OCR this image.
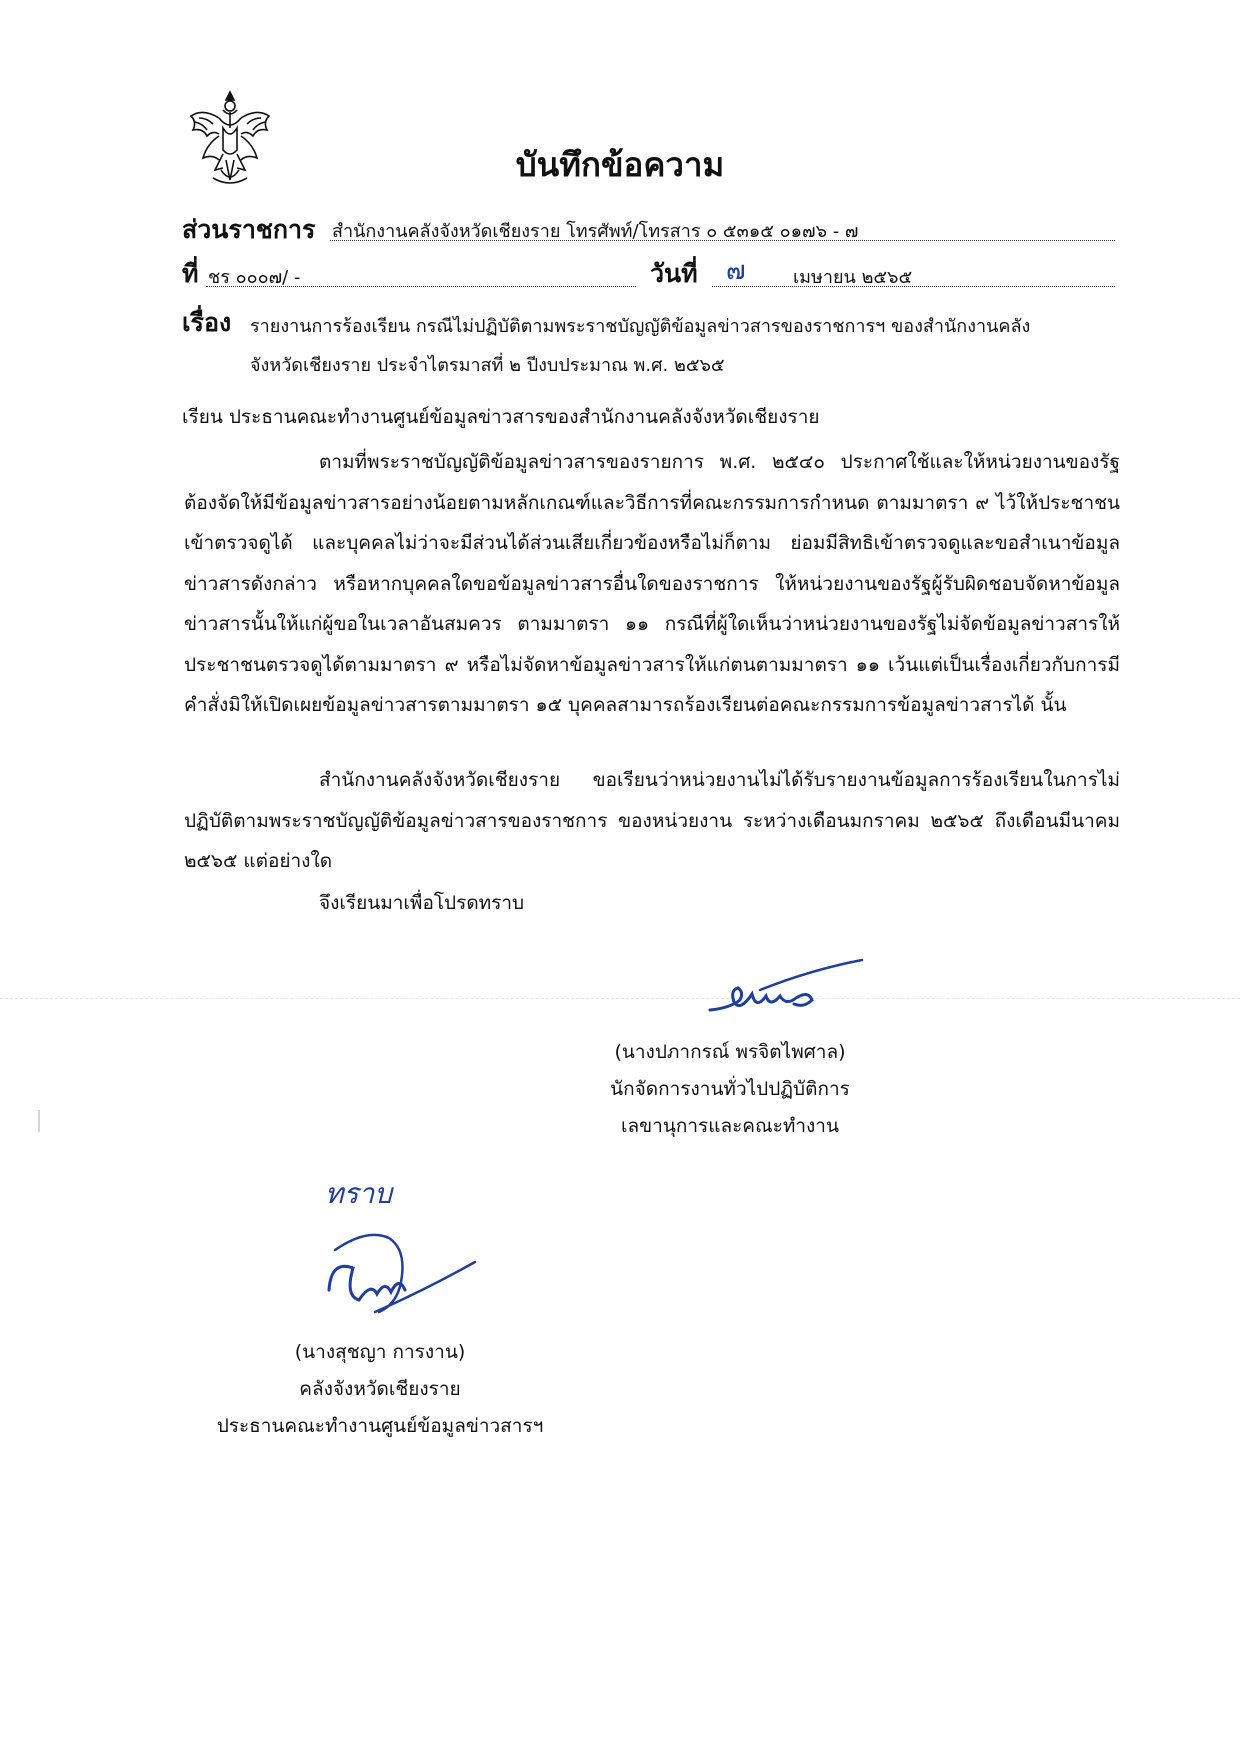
บันทึกข้อความ
ส่วนราชการ สำนักงานคลังจังหวัดเชียงราย โทรศัพท์/โทรสาร ๐ ๕๓๑๕ ๐๑๗๖ - ๗
ที่ ชร ๐๐๐๗/ -	วันที่ ๗	เมษายน ๒๕๖๕
เรื่อง รายงานการร้องเรียน กรณีไม่ปฏิบัติตามพระราชบัญญัติข้อมูลข่าวสารของราชการฯ ของสำนักงานคลัง
จังหวัดเชียงราย ประจำไตรมาสที่ ๒ ปีงบประมาณ พ.ศ. ๒๕๖๕
เรียน ประธานคณะทำงานศูนย์ข้อมูลข่าวสารของสำนักงานคลังจังหวัดเชียงราย
ตามที่พระราชบัญญัติข้อมูลข่าวสารของรายการ พ.ศ. ๒๕๔๐ ประกาศใช้และให้หน่วยงานของรัฐต้องจัดให้มีข้อมูลข่าวสารอย่างน้อยตามหลักเกณฑ์และวิธีการที่คณะกรรมการกำหนด ตามมาตรา ๙ ไว้ให้ประชาชนเข้าตรวจดูได้ และบุคคลไม่ว่าจะมีส่วนได้ส่วนเสียเกี่ยวข้องหรือไม่ก็ตาม ย่อมมีสิทธิเข้าตรวจดูและขอสำเนาข้อมูลข่าวสารดังกล่าว หรือหากบุคคลใดขอข้อมูลข่าวสารอื่นใดของราชการ ให้หน่วยงานของรัฐผู้รับผิดชอบจัดหาข้อมูลข่าวสารนั้นให้แก่ผู้ขอในเวลาอันสมควร ตามมาตรา ๑๑ กรณีที่ผู้ใดเห็นว่าหน่วยงานของรัฐไม่จัดข้อมูลข่าวสารให้ประชาชนตรวจดูได้ตามมาตรา ๙ หรือไม่จัดหาข้อมูลข่าวสารให้แก่ตนตามมาตรา ๑๑ เว้นแต่เป็นเรื่องเกี่ยวกับการมีคำสั่งมิให้เปิดเผยข้อมูลข่าวสารตามมาตรา ๑๕ บุคคลสามารถร้องเรียนต่อคณะกรรมการข้อมูลข่าวสารได้ นั้น
สำนักงานคลังจังหวัดเชียงราย ขอเรียนว่าหน่วยงานไม่ได้รับรายงานข้อมูลการร้องเรียนในการไม่ปฏิบัติตามพระราชบัญญัติข้อมูลข่าวสารของราชการ ของหน่วยงาน ระหว่างเดือนมกราคม ๒๕๖๕ ถึงเดือนมีนาคม ๒๕๖๕ แต่อย่างใด
จึงเรียนมาเพื่อโปรดทราบ
(นางปภากรณ์ พรจิตไพศาล)
นักจัดการงานทั่วไปปฏิบัติการ
เลขานุการและคณะทำงาน
ทราบ
(นางสุชญา การงาน)
คลังจังหวัดเชียงราย
ประธานคณะทำงานศูนย์ข้อมูลข่าวสารฯ
